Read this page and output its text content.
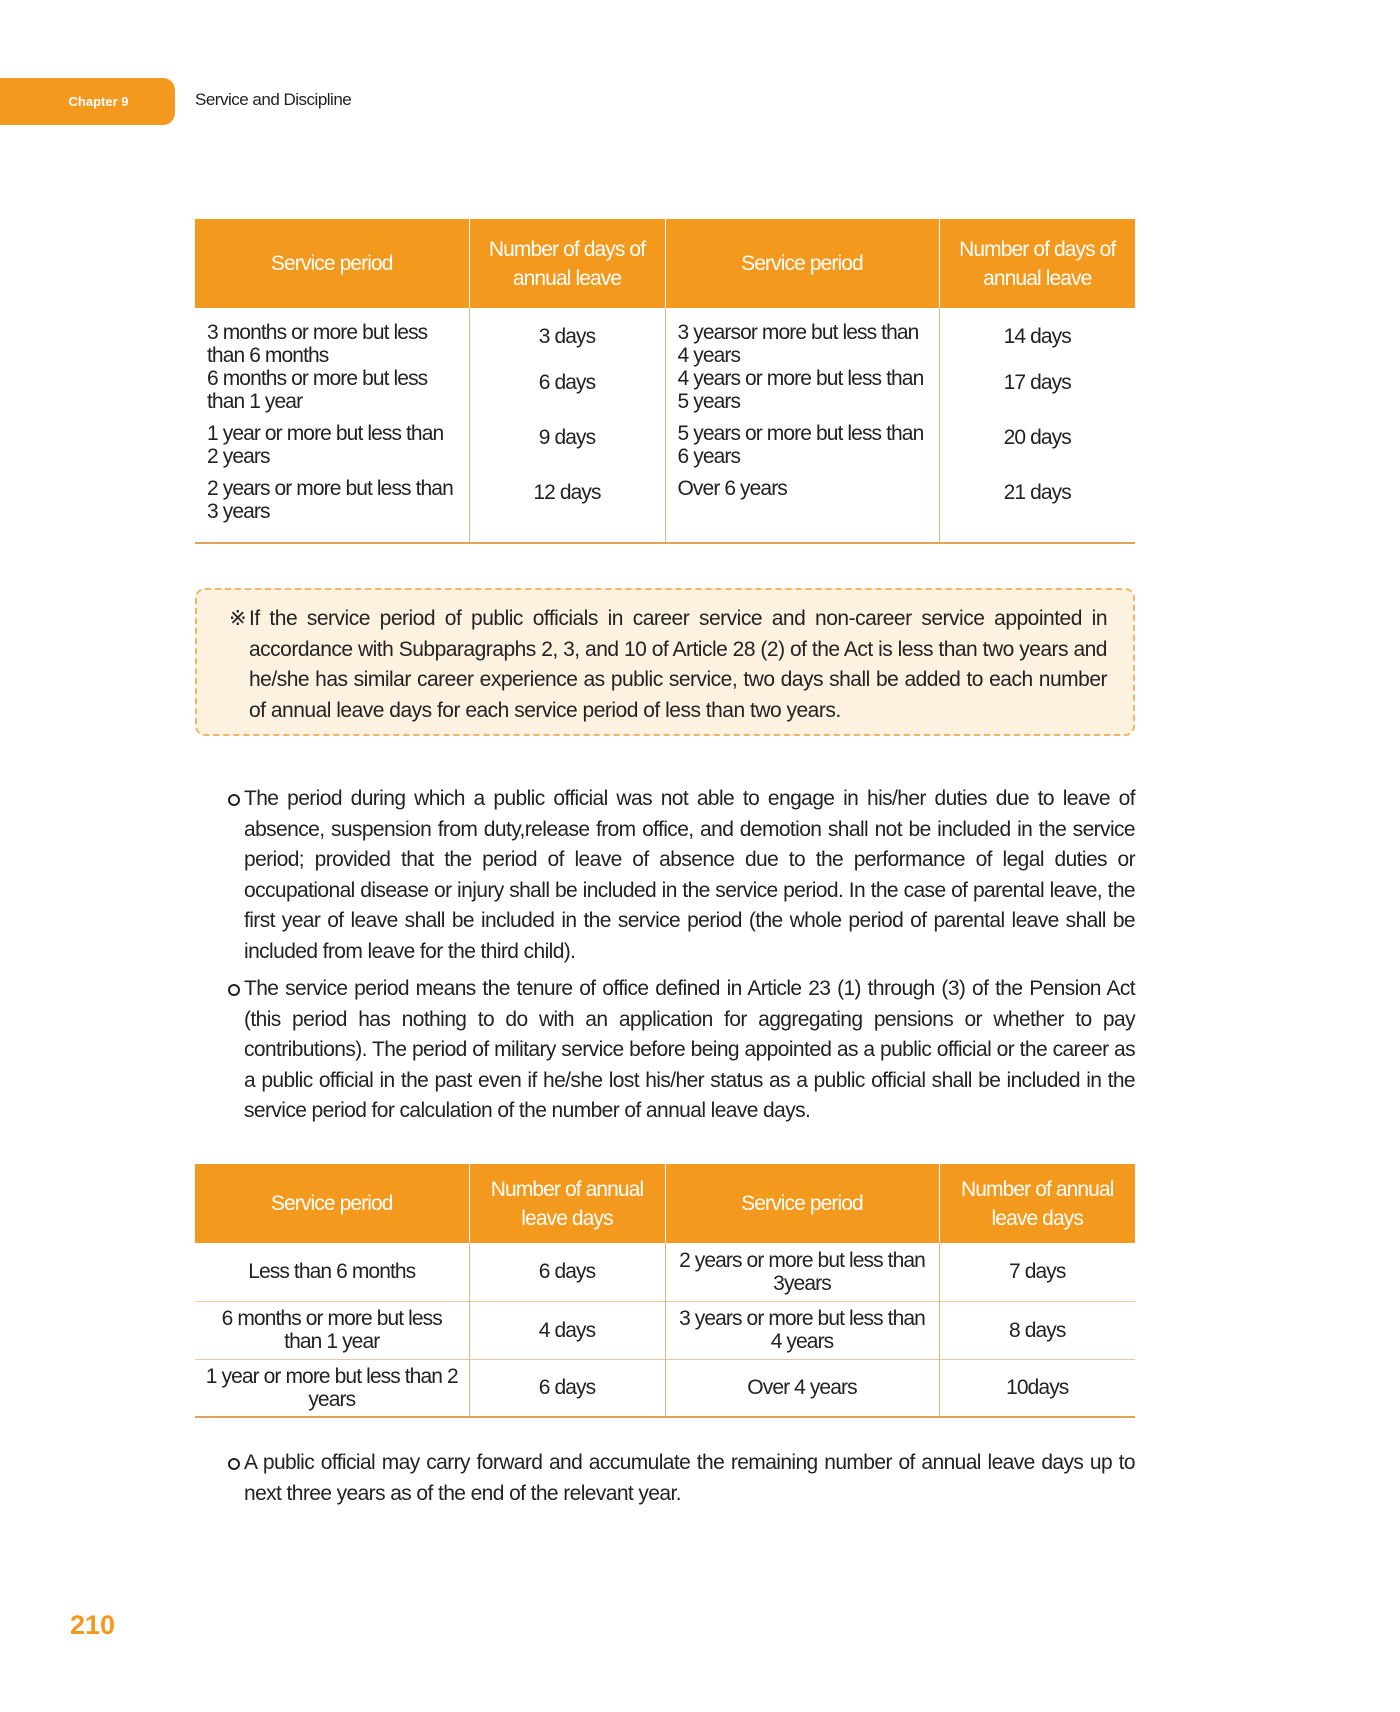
Chapter 9	Service and Discipline
Service period	Number of days of annual leave	Service period	Number of days of annual leave
3 months or more but less than 6 months	3 days	3 yearsor more but less than 4 years	14 days
6 months or more but less than 1 year	6 days	4 years or more but less than 5 years	17 days
1 year or more but less than 2 years	9 days	5 years or more but less than 6 years	20 days
2 years or more but less than 3 years	12 days	Over 6 years	21 days
※ If the service period of public officials in career service and non-career service appointed in accordance with Subparagraphs 2, 3, and 10 of Article 28 (2) of the Act is less than two years and he/she has similar career experience as public service, two days shall be added to each number of annual leave days for each service period of less than two years.
The period during which a public official was not able to engage in his/her duties due to leave of absence, suspension from duty,release from office, and demotion shall not be included in the service period; provided that the period of leave of absence due to the performance of legal duties or occupational disease or injury shall be included in the service period. In the case of parental leave, the first year of leave shall be included in the service period (the whole period of parental leave shall be included from leave for the third child).
The service period means the tenure of office defined in Article 23 (1) through (3) of the Pension Act (this period has nothing to do with an application for aggregating pensions or whether to pay contributions). The period of military service before being appointed as a public official or the career as a public official in the past even if he/she lost his/her status as a public official shall be included in the service period for calculation of the number of annual leave days.
Service period	Number of annual leave days	Service period	Number of annual leave days
Less than 6 months	6 days	2 years or more but less than 3years	7 days
6 months or more but less than 1 year	4 days	3 years or more but less than 4 years	8 days
1 year or more but less than 2 years	6 days	Over 4 years	10days
A public official may carry forward and accumulate the remaining number of annual leave days up to next three years as of the end of the relevant year.
210
